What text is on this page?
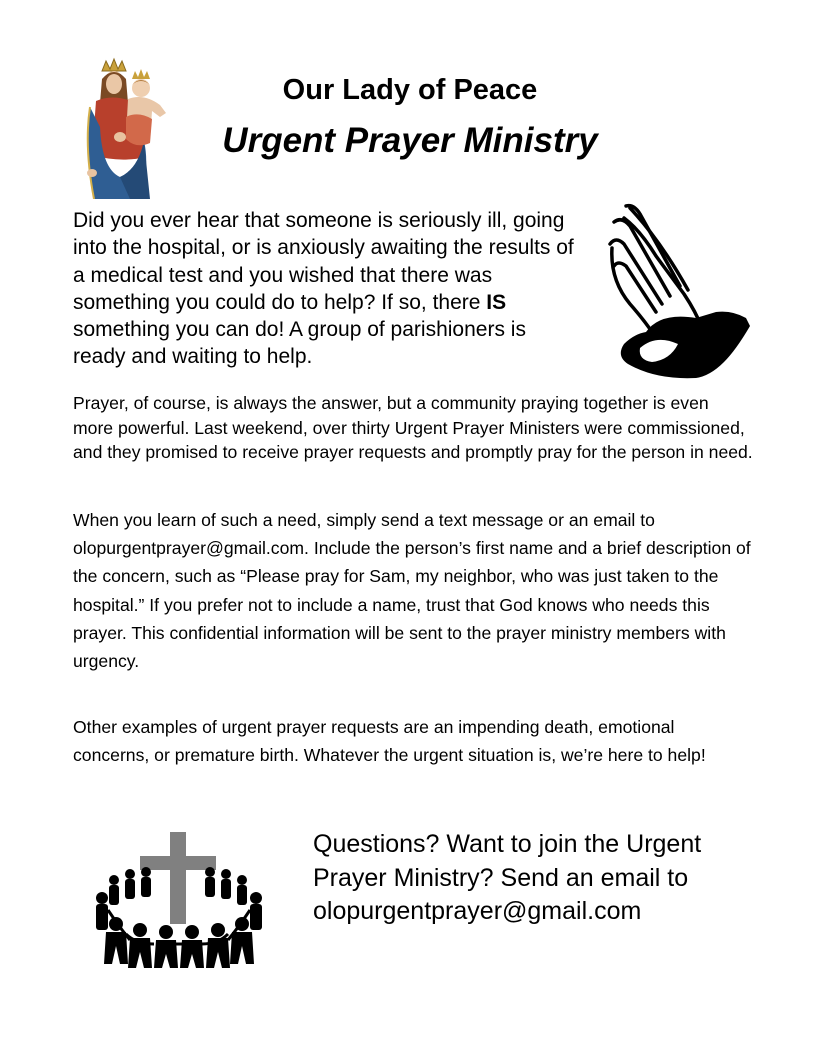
Our Lady of Peace
Urgent Prayer Ministry
Did you ever hear that someone is seriously ill, going into the hospital, or is anxiously awaiting the results of a medical test and you wished that there was something you could do to help? If so, there IS something you can do! A group of parishioners is ready and waiting to help.
Prayer, of course, is always the answer, but a community praying together is even more powerful. Last weekend, over thirty Urgent Prayer Ministers were commissioned, and they promised to receive prayer requests and promptly pray for the person in need.
When you learn of such a need, simply send a text message or an email to olopurgentprayer@gmail.com. Include the person’s first name and a brief description of the concern, such as “Please pray for Sam, my neighbor, who was just taken to the hospital.” If you prefer not to include a name, trust that God knows who needs this prayer. This confidential information will be sent to the prayer ministry members with urgency.
Other examples of urgent prayer requests are an impending death, emotional concerns, or premature birth. Whatever the urgent situation is, we’re here to help!
Questions? Want to join the Urgent
Prayer Ministry? Send an email to
olopurgentprayer@gmail.com
